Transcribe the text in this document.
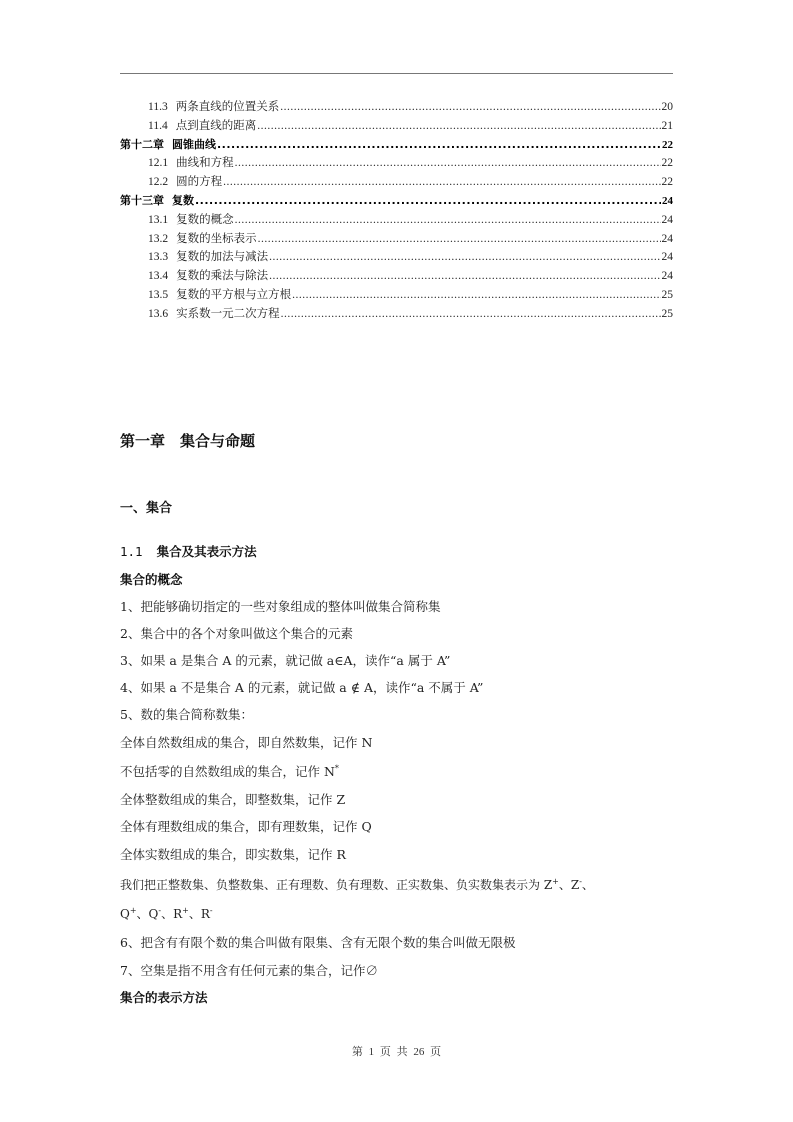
11.3 两条直线的位置关系 .....	20
11.4 点到直线的距离 .....	21
第十二章 圆锥曲线 .....	22
12.1 曲线和方程 .....	22
12.2 圆的方程 .....	22
第十三章 复数 .....	24
13.1 复数的概念 .....	24
13.2 复数的坐标表示 .....	24
13.3 复数的加法与减法 .....	24
13.4 复数的乘法与除法 .....	24
13.5 复数的平方根与立方根 .....	25
13.6 实系数一元二次方程 .....	25
第一章　集合与命题
一、集合
1.1 集合及其表示方法
集合的概念
1、把能够确切指定的一些对象组成的整体叫做集合简称集
2、集合中的各个对象叫做这个集合的元素
3、如果 a 是集合 A 的元素，就记做 a∈A，读作“a 属于 A”
4、如果 a 不是集合 A 的元素，就记做 a ∉ A，读作“a 不属于 A”
5、数的集合简称数集：
全体自然数组成的集合，即自然数集，记作 N
不包括零的自然数组成的集合，记作 N*
全体整数组成的集合，即整数集，记作 Z
全体有理数组成的集合，即有理数集，记作 Q
全体实数组成的集合，即实数集，记作 R
我们把正整数集、负整数集、正有理数、负有理数、正实数集、负实数集表示为 Z+、Z-、
Q+、Q-、R+、R-
6、把含有有限个数的集合叫做有限集、含有无限个数的集合叫做无限极
7、空集是指不用含有任何元素的集合，记作∅
集合的表示方法
第 1 页 共 26 页
